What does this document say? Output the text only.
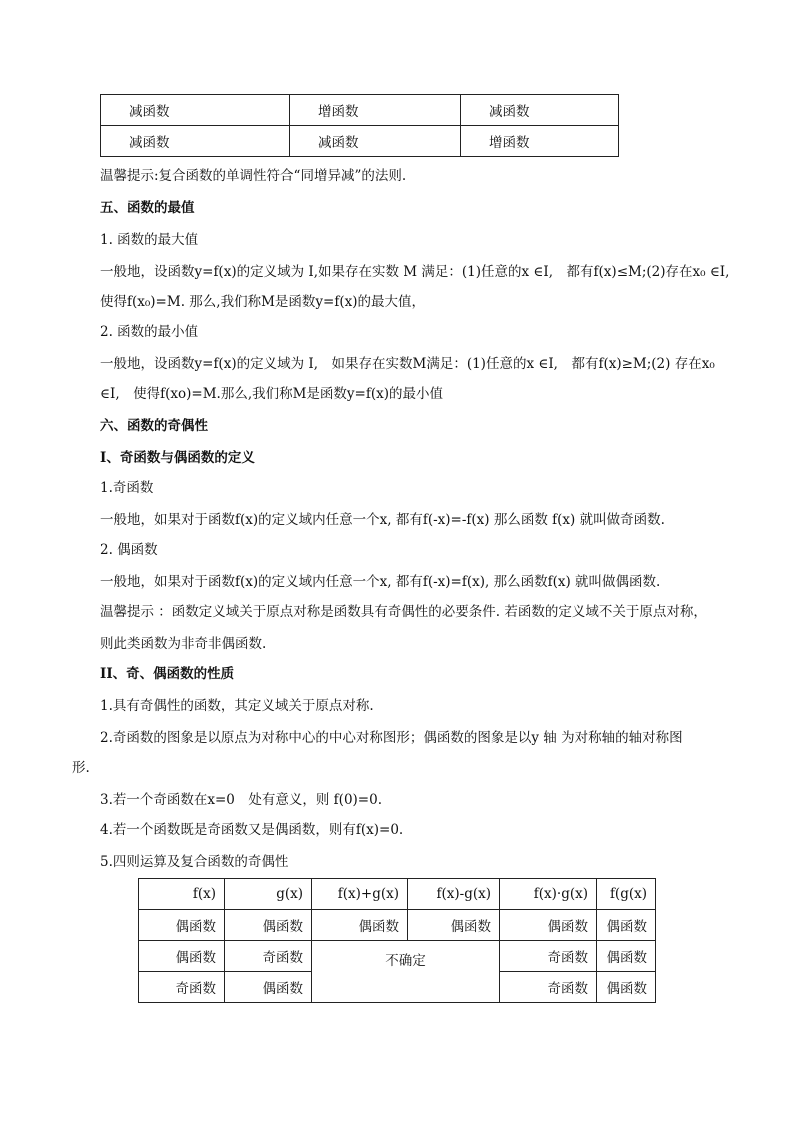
减函数	增函数	减函数
减函数	减函数	增函数
温馨提示:复合函数的单调性符合“同增异减”的法则.
五、函数的最值
1. 函数的最大值
一般地，设函数y=f(x)的定义域为 I,如果存在实数 M 满足：(1)任意的x ∈I,　都有f(x)≤M;(2)存在x₀ ∈I,
使得f(x₀)=M. 那么,我们称M是函数y=f(x)的最大值，
2. 函数的最小值
一般地，设函数y=f(x)的定义域为 I,　如果存在实数M满足：(1)任意的x ∈I,　都有f(x)≥M;(2) 存在x₀
∈I,　使得f(xo)=M.那么,我们称M是函数y=f(x)的最小值
六、函数的奇偶性
I、奇函数与偶函数的定义
1.奇函数
一般地，如果对于函数f(x)的定义域内任意一个x, 都有f(-x)=-f(x) 那么函数 f(x) 就叫做奇函数.
2. 偶函数
一般地，如果对于函数f(x)的定义域内任意一个x, 都有f(-x)=f(x), 那么函数f(x) 就叫做偶函数.
温馨提示 ：函数定义域关于原点对称是函数具有奇偶性的必要条件. 若函数的定义域不关于原点对称，
则此类函数为非奇非偶函数.
II、奇、偶函数的性质
1.具有奇偶性的函数，其定义域关于原点对称.
2.奇函数的图象是以原点为对称中心的中心对称图形；偶函数的图象是以y 轴 为对称轴的轴对称图
形.
3.若一个奇函数在x=0　处有意义，则 f(0)=0.
4.若一个函数既是奇函数又是偶函数，则有f(x)=0.
5.四则运算及复合函数的奇偶性
f(x)	g(x)	f(x)+g(x)	f(x)-g(x)	f(x)·g(x)	f(g(x)
偶函数	偶函数	偶函数	偶函数	偶函数	偶函数
偶函数	奇函数	不确定		奇函数	偶函数
奇函数	偶函数			奇函数	偶函数
